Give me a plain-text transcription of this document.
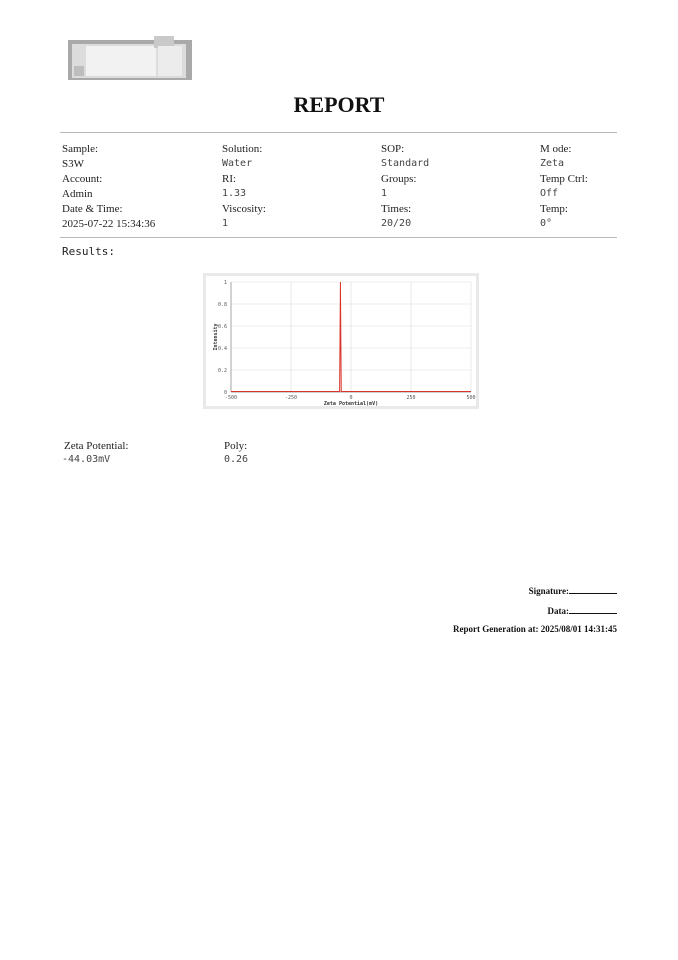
REPORT
Sample:
S3W
Solution:
Water
SOP:
Standard
M ode:
Zeta
Account:
Admin
RI:
1.33
Groups:
1
Temp Ctrl:
Off
Date & Time:
2025-07-22 15:34:36
Viscosity:
1
Times:
20/20
Temp:
0°
Results:
-500	-250	0	250	500
0
0.2
0.4
0.6
0.8
1
Zeta Potential(mV)
Intensity
Zeta Potential:
-44.03mV
Poly:
0.26
Signature:
Data:
Report Generation at: 2025/08/01 14:31:45
